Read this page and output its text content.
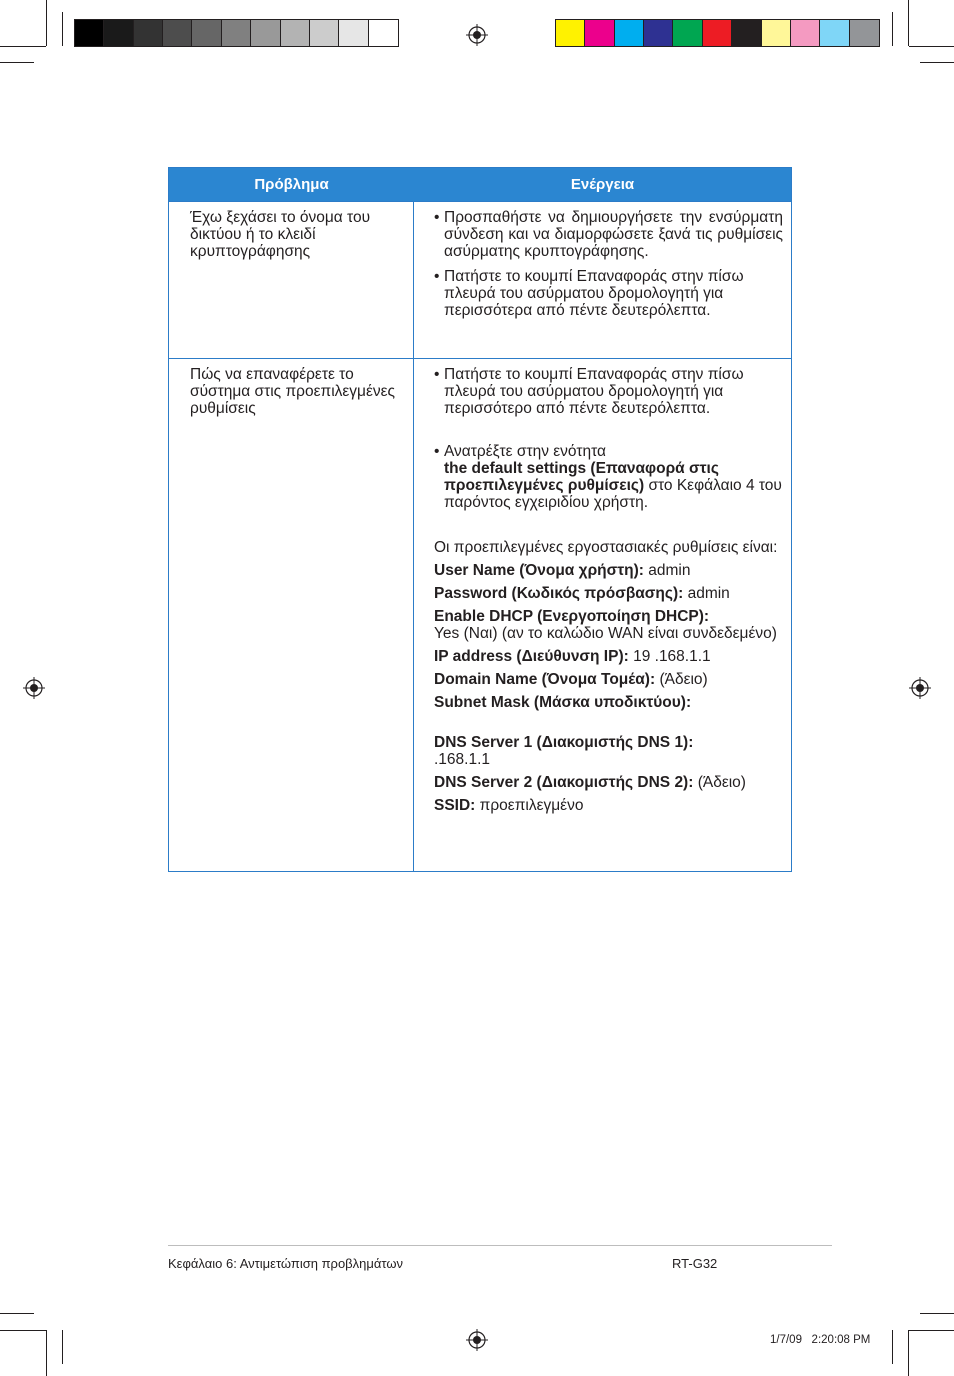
Πρόβλημα	Ενέργεια
Έχω ξεχάσει το όνομα του δικτύου ή το κλειδί κρυπτογράφησης
• Προσπαθήστε να δημιουργήσετε την ενσύρματη σύνδεση και να διαμορφώσετε ξανά τις ρυθμίσεις ασύρματης κρυπτογράφησης.
• Πατήστε το κουμπί Επαναφοράς στην πίσω πλευρά του ασύρματου δρομολογητή για περισσότερα από πέντε δευτερόλεπτα.
Πώς να επαναφέρετε το σύστημα στις προεπιλεγμένες ρυθμίσεις
• Πατήστε το κουμπί Επαναφοράς στην πίσω πλευρά του ασύρματου δρομολογητή για περισσότερο από πέντε δευτερόλεπτα.
• Ανατρέξτε στην ενότητα
the default settings (Επαναφορά στις προεπιλεγμένες ρυθμίσεις) στο Κεφάλαιο 4 του παρόντος εγχειριδίου χρήστη.
Οι προεπιλεγμένες εργοστασιακές ρυθμίσεις είναι:
User Name (Όνομα χρήστη): admin
Password (Κωδικός πρόσβασης): admin
Enable DHCP (Ενεργοποίηση DHCP):
Yes (Ναι) (αν το καλώδιο WAN είναι συνδεδεμένο)
IP address (Διεύθυνση IP): 19 .168.1.1
Domain Name (Όνομα Τομέα): (Άδειο)
Subnet Mask (Μάσκα υποδικτύου):
DNS Server 1 (Διακομιστής DNS 1):
.168.1.1
DNS Server 2 (Διακομιστής DNS 2): (Άδειο)
SSID: προεπιλεγμένο
Κεφάλαιο 6: Αντιμετώπιση προβλημάτων	RT-G32
1/7/09   2:20:08 PM
